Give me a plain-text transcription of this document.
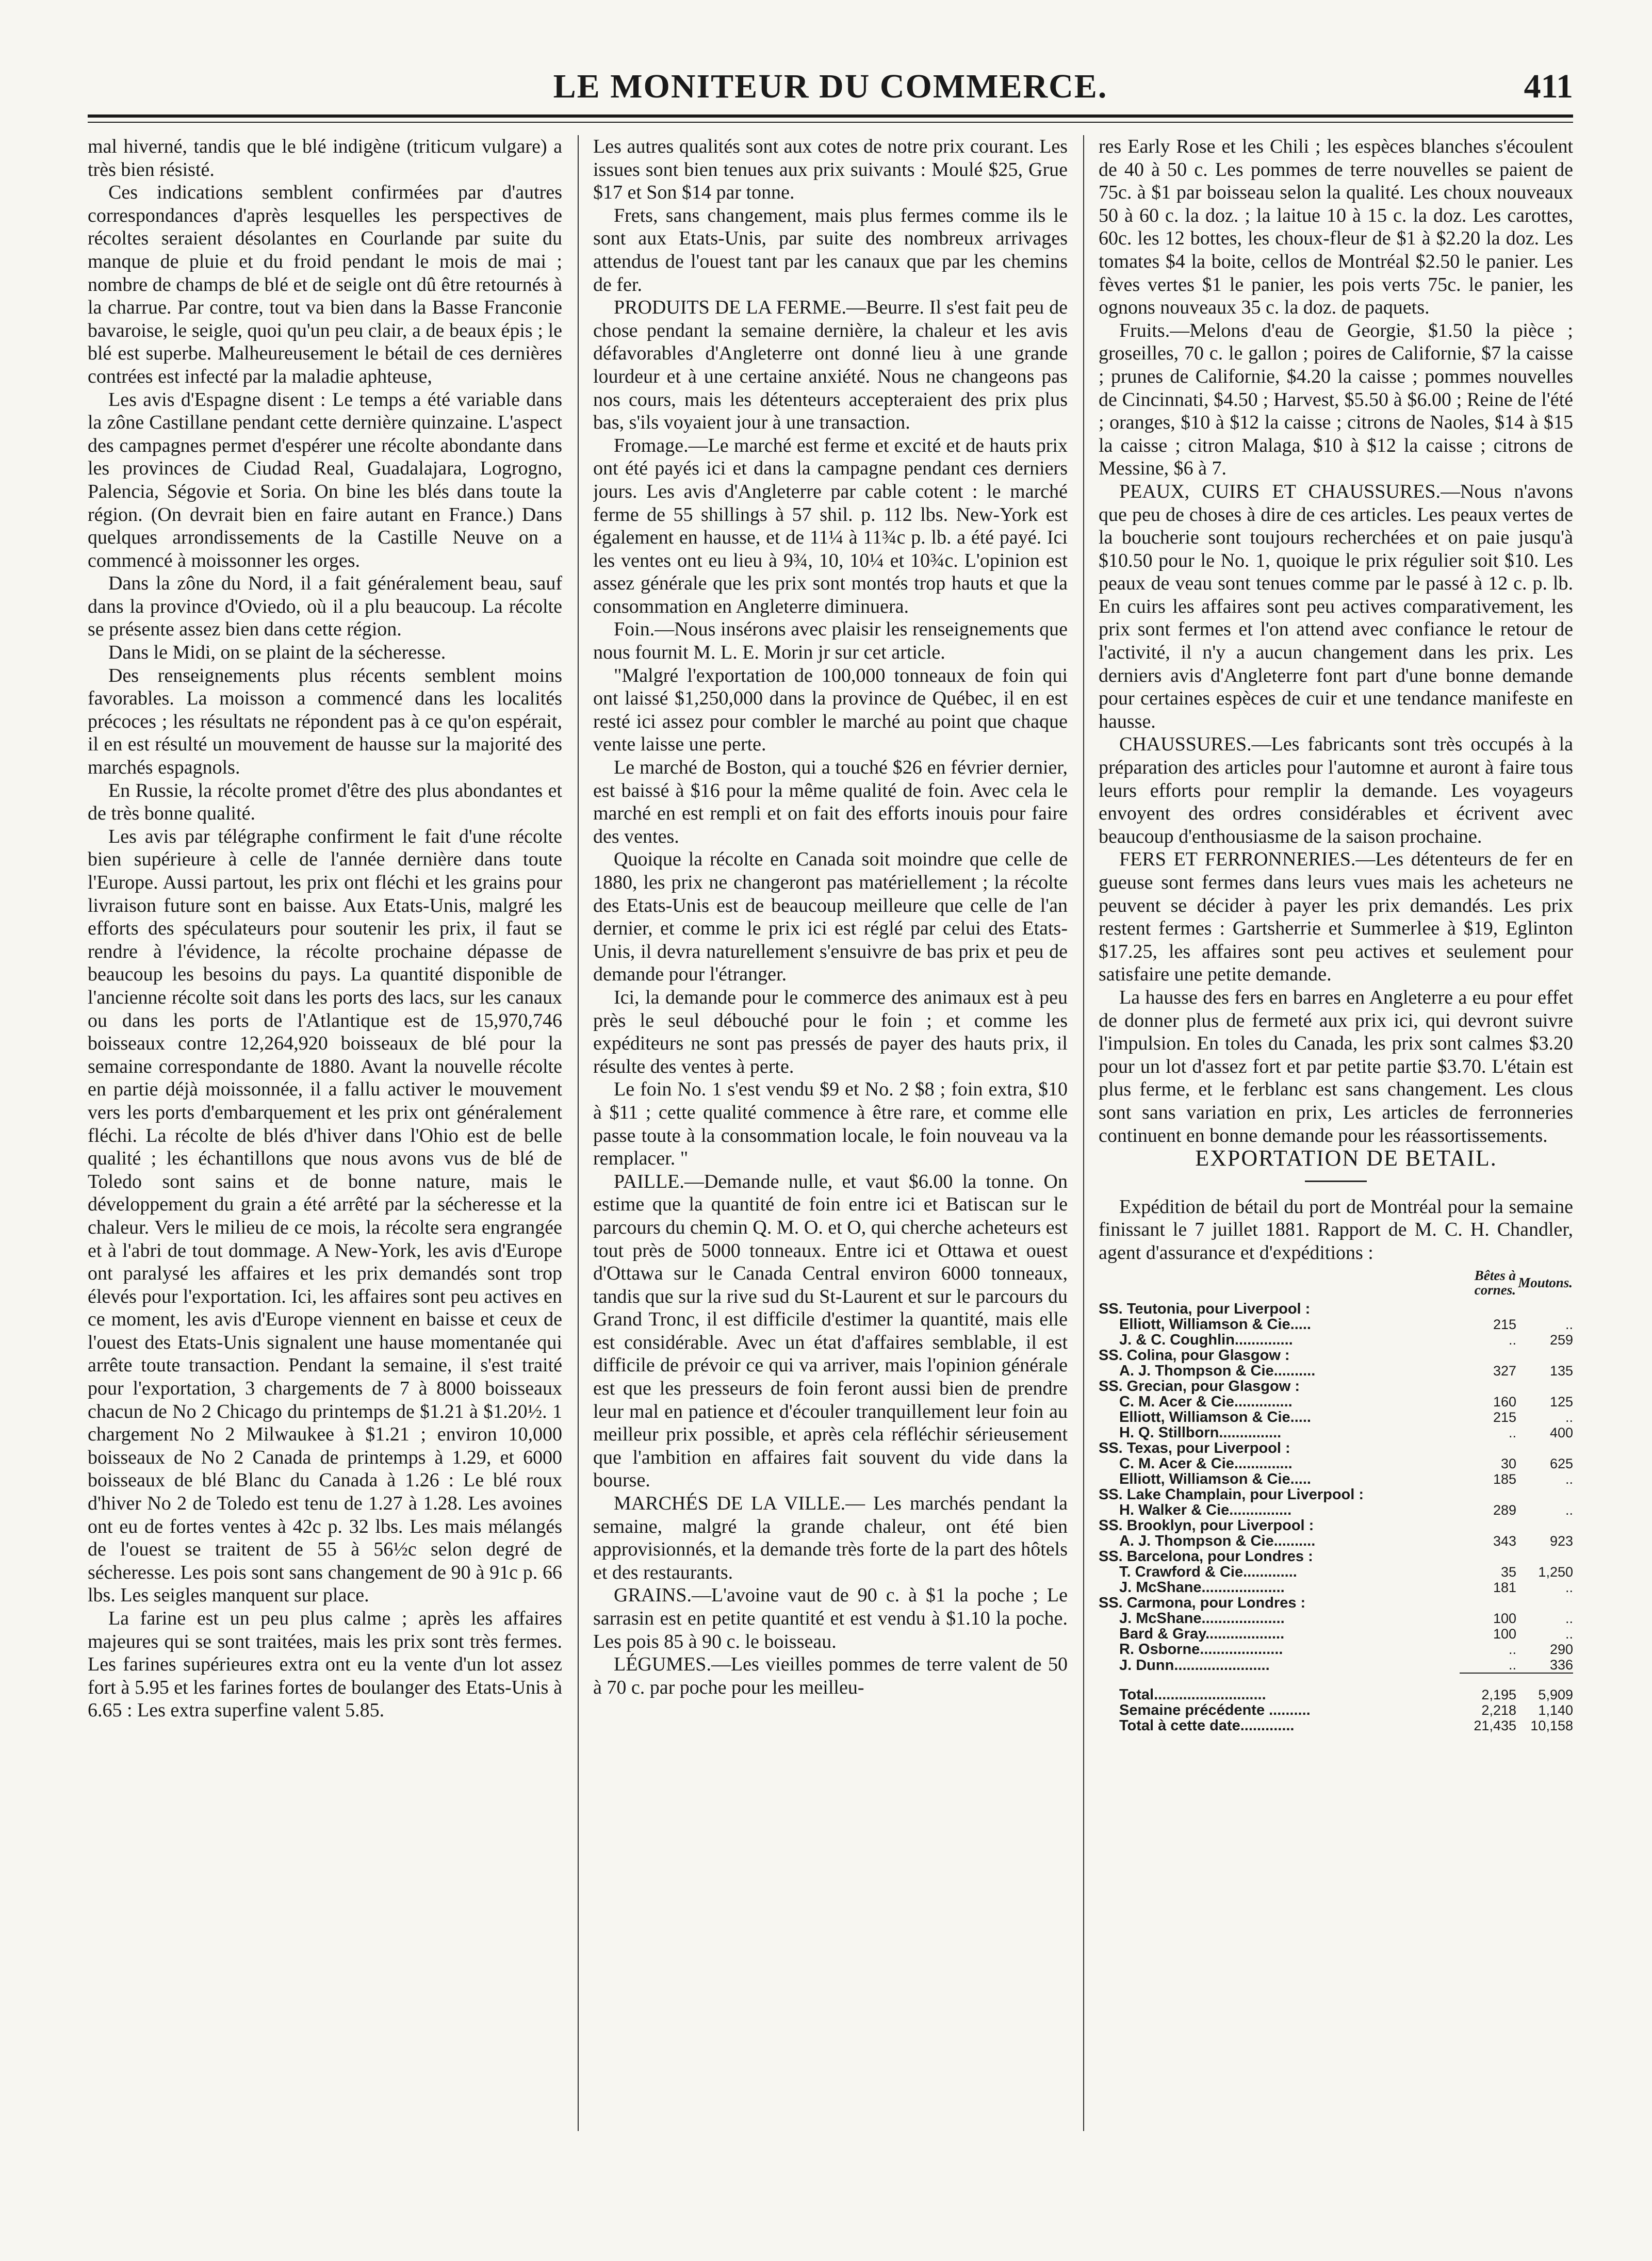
LE MONITEUR DU COMMERCE.	411

mal hiverné, tandis que le blé indigène (triticum vulgare) a très bien résisté.

Ces indications semblent confirmées par d'autres correspondances d'après lesquelles les perspectives de récoltes seraient désolantes en Courlande par suite du manque de pluie et du froid pendant le mois de mai ; nombre de champs de blé et de seigle ont dû être retournés à la charrue. Par contre, tout va bien dans la Basse Franconie bavaroise, le seigle, quoi qu'un peu clair, a de beaux épis ; le blé est superbe. Malheureusement le bétail de ces dernières contrées est infecté par la maladie aphteuse,

Les avis d'Espagne disent : Le temps a été variable dans la zône Castillane pendant cette dernière quinzaine. L'aspect des campagnes permet d'espérer une récolte abondante dans les provinces de Ciudad Real, Guadalajara, Logrogno, Palencia, Ségovie et Soria. On bine les blés dans toute la région. (On devrait bien en faire autant en France.) Dans quelques arrondissements de la Castille Neuve on a commencé à moissonner les orges.

Dans la zône du Nord, il a fait généralement beau, sauf dans la province d'Oviedo, où il a plu beaucoup. La récolte se présente assez bien dans cette région.

Dans le Midi, on se plaint de la sécheresse.

Des renseignements plus récents semblent moins favorables. La moisson a commencé dans les localités précoces ; les résultats ne répondent pas à ce qu'on espérait, il en est résulté un mouvement de hausse sur la majorité des marchés espagnols.

En Russie, la récolte promet d'être des plus abondantes et de très bonne qualité.

Les avis par télégraphe confirment le fait d'une récolte bien supérieure à celle de l'année dernière dans toute l'Europe. Aussi partout, les prix ont fléchi et les grains pour livraison future sont en baisse. Aux Etats-Unis, malgré les efforts des spéculateurs pour soutenir les prix, il faut se rendre à l'évidence, la récolte prochaine dépasse de beaucoup les besoins du pays. La quantité disponible de l'ancienne récolte soit dans les ports des lacs, sur les canaux ou dans les ports de l'Atlantique est de 15,970,746 boisseaux contre 12,264,920 boisseaux de blé pour la semaine correspondante de 1880. Avant la nouvelle récolte en partie déjà moissonnée, il a fallu activer le mouvement vers les ports d'embarquement et les prix ont généralement fléchi. La récolte de blés d'hiver dans l'Ohio est de belle qualité ; les échantillons que nous avons vus de blé de Toledo sont sains et de bonne nature, mais le développement du grain a été arrêté par la sécheresse et la chaleur. Vers le milieu de ce mois, la récolte sera engrangée et à l'abri de tout dommage. A New-York, les avis d'Europe ont paralysé les affaires et les prix demandés sont trop élevés pour l'exportation. Ici, les affaires sont peu actives en ce moment, les avis d'Europe viennent en baisse et ceux de l'ouest des Etats-Unis signalent une hause momentanée qui arrête toute transaction. Pendant la semaine, il s'est traité pour l'exportation, 3 chargements de 7 à 8000 boisseaux chacun de No 2 Chicago du printemps de $1.21 à $1.20½. 1 chargement No 2 Milwaukee à $1.21 ; environ 10,000 boisseaux de No 2 Canada de printemps à 1.29, et 6000 boisseaux de blé Blanc du Canada à 1.26 : Le blé roux d'hiver No 2 de Toledo est tenu de 1.27 à 1.28. Les avoines ont eu de fortes ventes à 42c p. 32 lbs. Les mais mélangés de l'ouest se traitent de 55 à 56½c selon degré de sécheresse. Les pois sont sans changement de 90 à 91c p. 66 lbs. Les seigles manquent sur place.

La farine est un peu plus calme ; après les affaires majeures qui se sont traitées, mais les prix sont très fermes. Les farines supérieures extra ont eu la vente d'un lot assez fort à 5.95 et les farines fortes de boulanger des Etats-Unis à 6.65 : Les extra superfine valent 5.85.

Les autres qualités sont aux cotes de notre prix courant. Les issues sont bien tenues aux prix suivants : Moulé $25, Grue $17 et Son $14 par tonne.

Frets, sans changement, mais plus fermes comme ils le sont aux Etats-Unis, par suite des nombreux arrivages attendus de l'ouest tant par les canaux que par les chemins de fer.

PRODUITS DE LA FERME.—Beurre. Il s'est fait peu de chose pendant la semaine dernière, la chaleur et les avis défavorables d'Angleterre ont donné lieu à une grande lourdeur et à une certaine anxiété. Nous ne changeons pas nos cours, mais les détenteurs accepteraient des prix plus bas, s'ils voyaient jour à une transaction.

Fromage.—Le marché est ferme et excité et de hauts prix ont été payés ici et dans la campagne pendant ces derniers jours. Les avis d'Angleterre par cable cotent : le marché ferme de 55 shillings à 57 shil. p. 112 lbs. New-York est également en hausse, et de 11¼ à 11¾c p. lb. a été payé. Ici les ventes ont eu lieu à 9¾, 10, 10¼ et 10¾c. L'opinion est assez générale que les prix sont montés trop hauts et que la consommation en Angleterre diminuera.

Foin.—Nous insérons avec plaisir les renseignements que nous fournit M. L. E. Morin jr sur cet article.

"Malgré l'exportation de 100,000 tonneaux de foin qui ont laissé $1,250,000 dans la province de Québec, il en est resté ici assez pour combler le marché au point que chaque vente laisse une perte.

Le marché de Boston, qui a touché $26 en février dernier, est baissé à $16 pour la même qualité de foin. Avec cela le marché en est rempli et on fait des efforts inouis pour faire des ventes.

Quoique la récolte en Canada soit moindre que celle de 1880, les prix ne changeront pas matériellement ; la récolte des Etats-Unis est de beaucoup meilleure que celle de l'an dernier, et comme le prix ici est réglé par celui des Etats-Unis, il devra naturellement s'ensuivre de bas prix et peu de demande pour l'étranger.

Ici, la demande pour le commerce des animaux est à peu près le seul débouché pour le foin ; et comme les expéditeurs ne sont pas pressés de payer des hauts prix, il résulte des ventes à perte.

Le foin No. 1 s'est vendu $9 et No. 2 $8 ; foin extra, $10 à $11 ; cette qualité commence à être rare, et comme elle passe toute à la consommation locale, le foin nouveau va la remplacer. "

PAILLE.—Demande nulle, et vaut $6.00 la tonne. On estime que la quantité de foin entre ici et Batiscan sur le parcours du chemin Q. M. O. et O, qui cherche acheteurs est tout près de 5000 tonneaux. Entre ici et Ottawa et ouest d'Ottawa sur le Canada Central environ 6000 tonneaux, tandis que sur la rive sud du St-Laurent et sur le parcours du Grand Tronc, il est difficile d'estimer la quantité, mais elle est considérable. Avec un état d'affaires semblable, il est difficile de prévoir ce qui va arriver, mais l'opinion générale est que les presseurs de foin feront aussi bien de prendre leur mal en patience et d'écouler tranquillement leur foin au meilleur prix possible, et après cela réfléchir sérieusement que l'ambition en affaires fait souvent du vide dans la bourse.

MARCHÉS DE LA VILLE.— Les marchés pendant la semaine, malgré la grande chaleur, ont été bien approvisionnés, et la demande très forte de la part des hôtels et des restaurants.

GRAINS.—L'avoine vaut de 90 c. à $1 la poche ; Le sarrasin est en petite quantité et est vendu à $1.10 la poche. Les pois 85 à 90 c. le boisseau.

LÉGUMES.—Les vieilles pommes de terre valent de 50 à 70 c. par poche pour les meilleu-

res Early Rose et les Chili ; les espèces blanches s'écoulent de 40 à 50 c. Les pommes de terre nouvelles se paient de 75c. à $1 par boisseau selon la qualité. Les choux nouveaux 50 à 60 c. la doz. ; la laitue 10 à 15 c. la doz. Les carottes, 60c. les 12 bottes, les choux-fleur de $1 à $2.20 la doz. Les tomates $4 la boite, cellos de Montréal $2.50 le panier. Les fèves vertes $1 le panier, les pois verts 75c. le panier, les ognons nouveaux 35 c. la doz. de paquets.

Fruits.—Melons d'eau de Georgie, $1.50 la pièce ; groseilles, 70 c. le gallon ; poires de Californie, $7 la caisse ; prunes de Californie, $4.20 la caisse ; pommes nouvelles de Cincinnati, $4.50 ; Harvest, $5.50 à $6.00 ; Reine de l'été ; oranges, $10 à $12 la caisse ; citrons de Naoles, $14 à $15 la caisse ; citron Malaga, $10 à $12 la caisse ; citrons de Messine, $6 à 7.

PEAUX, CUIRS ET CHAUSSURES.—Nous n'avons que peu de choses à dire de ces articles. Les peaux vertes de la boucherie sont toujours recherchées et on paie jusqu'à $10.50 pour le No. 1, quoique le prix régulier soit $10. Les peaux de veau sont tenues comme par le passé à 12 c. p. lb. En cuirs les affaires sont peu actives comparativement, les prix sont fermes et l'on attend avec confiance le retour de l'activité, il n'y a aucun changement dans les prix. Les derniers avis d'Angleterre font part d'une bonne demande pour certaines espèces de cuir et une tendance manifeste en hausse.

CHAUSSURES.—Les fabricants sont très occupés à la préparation des articles pour l'automne et auront à faire tous leurs efforts pour remplir la demande. Les voyageurs envoyent des ordres considérables et écrivent avec beaucoup d'enthousiasme de la saison prochaine.

FERS ET FERRONNERIES.—Les détenteurs de fer en gueuse sont fermes dans leurs vues mais les acheteurs ne peuvent se décider à payer les prix demandés. Les prix restent fermes : Gartsherrie et Summerlee à $19, Eglinton $17.25, les affaires sont peu actives et seulement pour satisfaire une petite demande.

La hausse des fers en barres en Angleterre a eu pour effet de donner plus de fermeté aux prix ici, qui devront suivre l'impulsion. En toles du Canada, les prix sont calmes $3.20 pour un lot d'assez fort et par petite partie $3.70. L'étain est plus ferme, et le ferblanc est sans changement. Les clous sont sans variation en prix, Les articles de ferronneries continuent en bonne demande pour les réassortissements.

EXPORTATION DE BETAIL.

Expédition de bétail du port de Montréal pour la semaine finissant le 7 juillet 1881. Rapport de M. C. H. Chandler, agent d'assurance et d'expéditions :

	Bêtes à cornes.	Moutons.
SS. Teutonia, pour Liverpool :		
Elliott, Williamson & Cie.....	215	..
J. & C. Coughlin..............	..	259
SS. Colina, pour Glasgow :		
A. J. Thompson & Cie..........	327	135
SS. Grecian, pour Glasgow :		
C. M. Acer & Cie..............	160	125
Elliott, Williamson & Cie.....	215	..
H. Q. Stillborn...............	..	400
SS. Texas, pour Liverpool :		
C. M. Acer & Cie..............	30	625
Elliott, Williamson & Cie.....	185	..
SS. Lake Champlain, pour Liverpool :		
H. Walker & Cie...............	289	..
SS. Brooklyn, pour Liverpool :		
A. J. Thompson & Cie..........	343	923
SS. Barcelona, pour Londres :		
T. Crawford & Cie.............	35	1,250
J. McShane....................	181	..
SS. Carmona, pour Londres :		
J. McShane....................	100	..
Bard & Gray...................	100	..
R. Osborne....................	..	290
J. Dunn.......................	..	336
Total...........................	2,195	5,909
Semaine précédente ..........	2,218	1,140
Total à cette date.............	21,435	10,158
